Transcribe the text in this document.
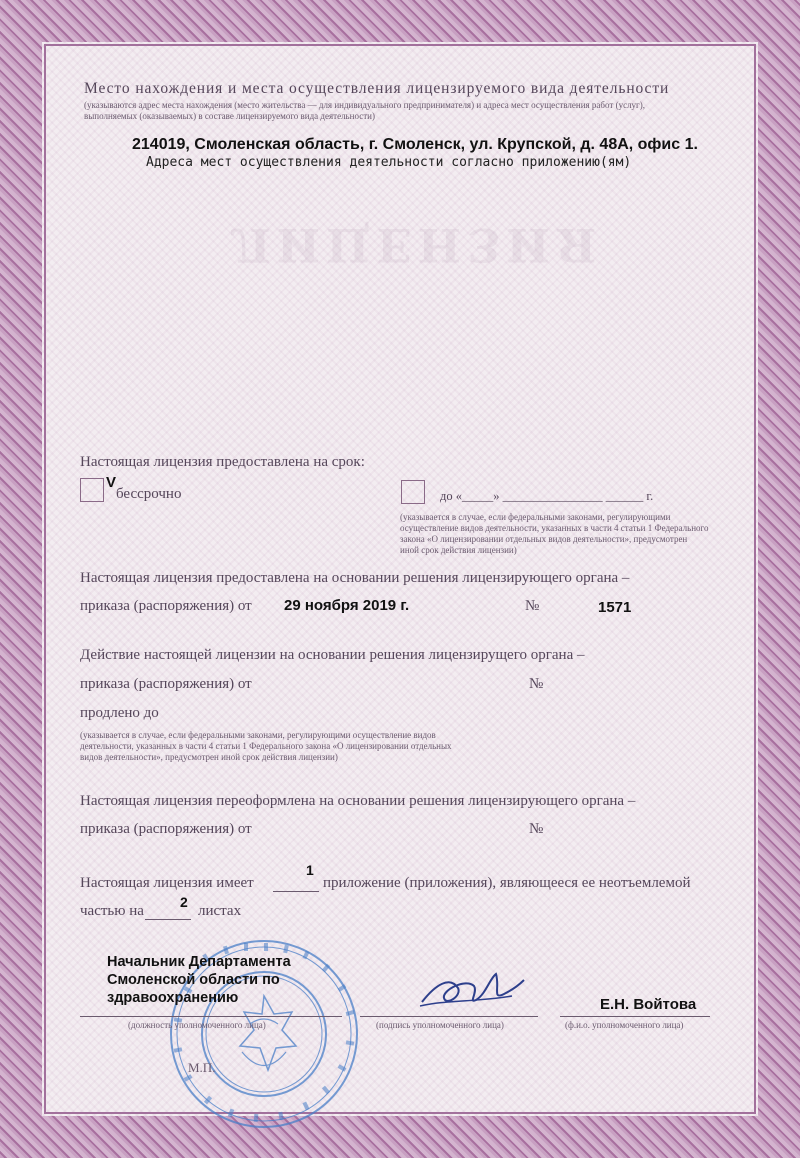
ЛИЦЕНЗИЯ
Место нахождения и места осуществления лицензируемого вида деятельности
(указываются адрес места нахождения (место жительства — для индивидуального предпринимателя) и адреса мест осуществления работ (услуг),
выполняемых (оказываемых) в составе лицензируемого вида деятельности)
214019, Смоленская область, г. Смоленск, ул. Крупской, д. 48А, офис 1.
Адреса мест осуществления деятельности согласно приложению(ям)
Настоящая лицензия предоставлена на срок:
V
бессрочно	до «_____» ________________ ______ г.
(указывается в случае, если федеральными законами, регулирующими
осуществление видов деятельности, указанных в части 4 статьи 1 Федерального
закона «О лицензировании отдельных видов деятельности», предусмотрен
иной срок действия лицензии)
Настоящая лицензия предоставлена на основании решения лицензирующего органа –
приказа (распоряжения) от 29 ноября 2019 г.	№	1571
Действие настоящей лицензии на основании решения лицензирущего органа –
приказа (распоряжения) от	№
продлено до
(указывается в случае, если федеральными законами, регулирующими осуществление видов
деятельности, указанных в части 4 статьи 1 Федерального закона «О лицензировании отдельных
видов деятельности», предусмотрен иной срок действия лицензии)
Настоящая лицензия переоформлена на основании решения лицензирующего органа –
приказа (распоряжения) от	№
Настоящая лицензия имеет
1
приложение (приложения), являющееся ее неотъемлемой
частью на
2
листах
Начальник Департамента
Смоленской области по
здравоохранению	Е.Н. Войтова
(должность уполномоченного лица)	(подпись уполномоченного лица)	(ф.и.о. уполномоченного лица)
М.П.
